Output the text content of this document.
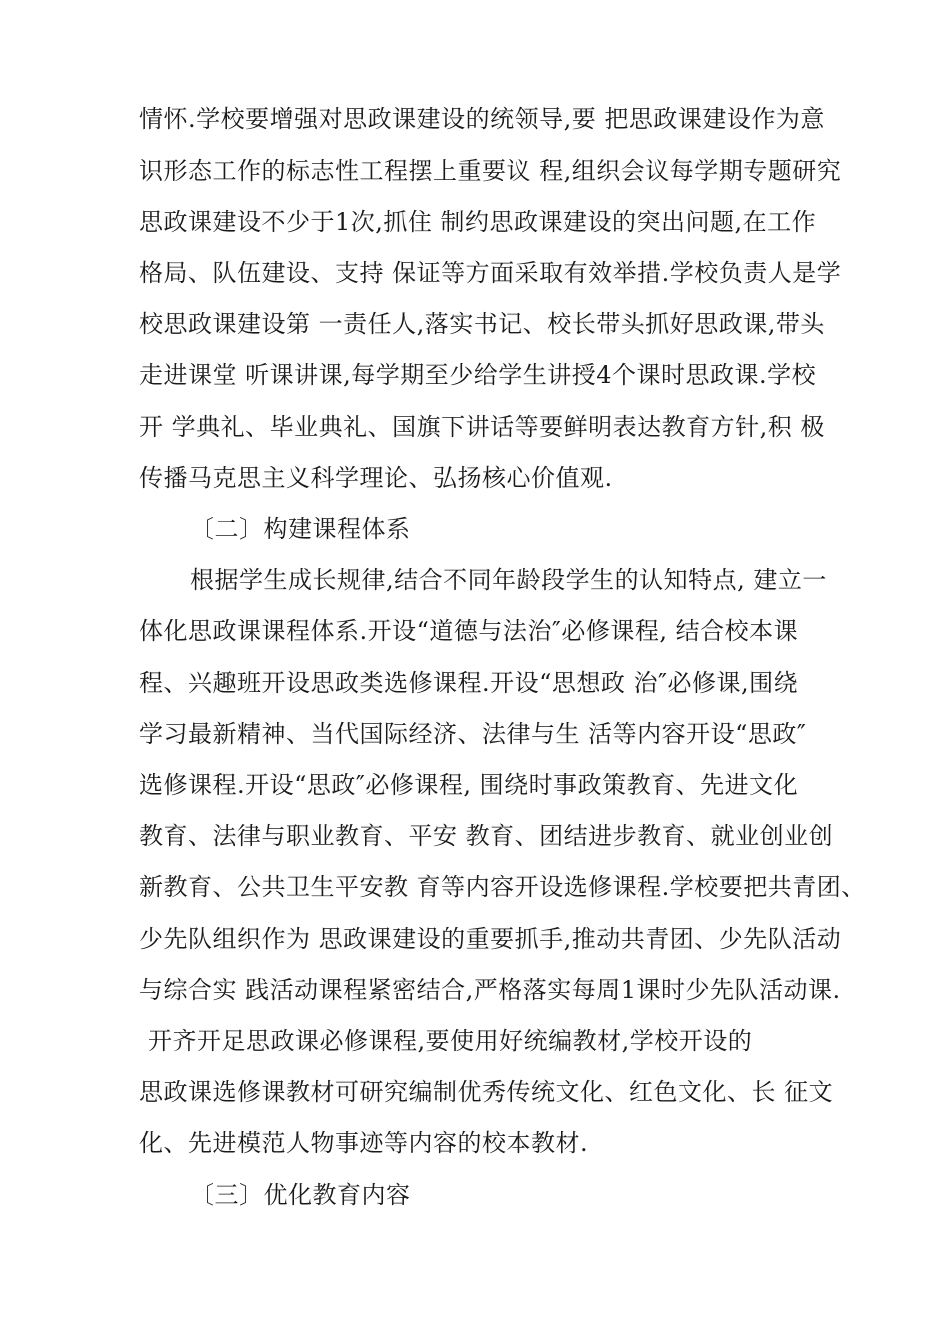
情怀.学校要增强对思政课建设的统领导,要 把思政课建设作为意
识形态工作的标志性工程摆上重要议 程,组织会议每学期专题研究
思政课建设不少于1次,抓住 制约思政课建设的突出问题,在工作
格局、队伍建设、支持 保证等方面采取有效举措.学校负责人是学
校思政课建设第 一责任人,落实书记、校长带头抓好思政课,带头
走进课堂 听课讲课,每学期至少给学生讲授4个课时思政课.学校
开 学典礼、毕业典礼、国旗下讲话等要鲜明表达教育方针,积 极
传播马克思主义科学理论、弘扬核心价值观.
〔二〕构建课程体系
根据学生成长规律,结合不同年龄段学生的认知特点, 建立一
体化思政课课程体系.开设“道德与法治″必修课程, 结合校本课
程、兴趣班开设思政类选修课程.开设“思想政 治″必修课,围绕
学习最新精神、当代国际经济、法律与生 活等内容开设“思政″
选修课程.开设“思政″必修课程, 围绕时事政策教育、先进文化
教育、法律与职业教育、平安 教育、团结进步教育、就业创业创
新教育、公共卫生平安教 育等内容开设选修课程.学校要把共青团、
少先队组织作为 思政课建设的重要抓手,推动共青团、少先队活动
与综合实 践活动课程紧密结合,严格落实每周1课时少先队活动课.
开齐开足思政课必修课程,要使用好统编教材,学校开设的
思政课选修课教材可研究编制优秀传统文化、红色文化、长 征文
化、先进模范人物事迹等内容的校本教材.
〔三〕优化教育内容
